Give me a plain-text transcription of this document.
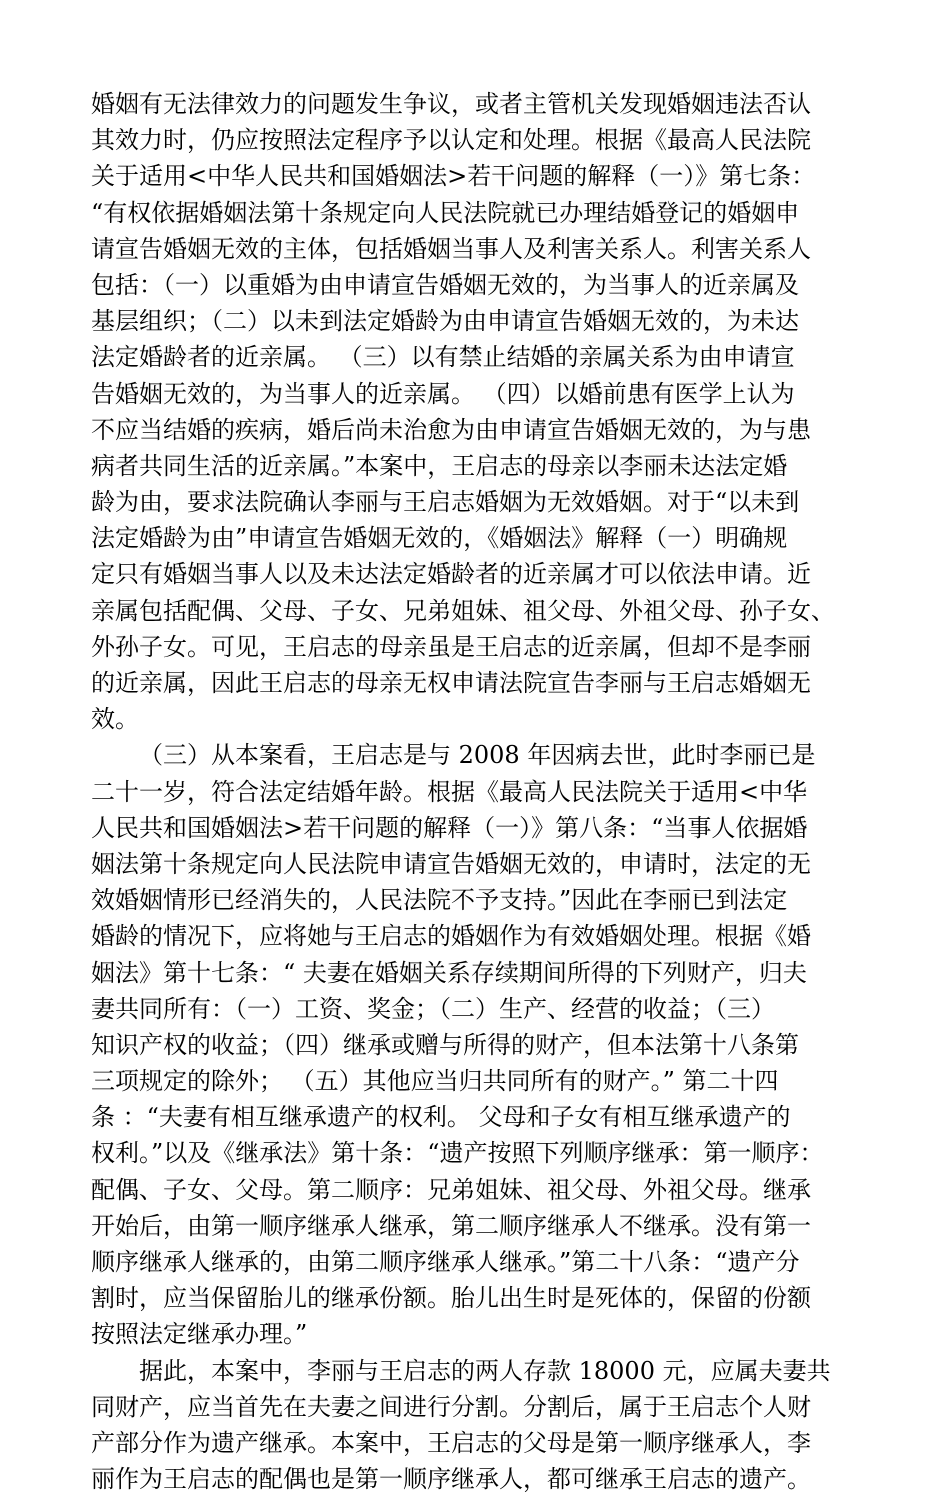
婚姻有无法律效力的问题发生争议，或者主管机关发现婚姻违法否认
其效力时，仍应按照法定程序予以认定和处理。根据《最高人民法院
关于适用<中华人民共和国婚姻法>若干问题的解释（一）》第七条：
“有权依据婚姻法第十条规定向人民法院就已办理结婚登记的婚姻申
请宣告婚姻无效的主体，包括婚姻当事人及利害关系人。利害关系人
包括：（一）以重婚为由申请宣告婚姻无效的，为当事人的近亲属及
基层组织；（二）以未到法定婚龄为由申请宣告婚姻无效的，为未达
法定婚龄者的近亲属。 （三）以有禁止结婚的亲属关系为由申请宣
告婚姻无效的，为当事人的近亲属。 （四）以婚前患有医学上认为
不应当结婚的疾病，婚后尚未治愈为由申请宣告婚姻无效的，为与患
病者共同生活的近亲属。”本案中，王启志的母亲以李丽未达法定婚
龄为由，要求法院确认李丽与王启志婚姻为无效婚姻。对于“以未到
法定婚龄为由”申请宣告婚姻无效的，《婚姻法》解释（一）明确规
定只有婚姻当事人以及未达法定婚龄者的近亲属才可以依法申请。近
亲属包括配偶、父母、子女、兄弟姐妹、祖父母、外祖父母、孙子女、
外孙子女。可见，王启志的母亲虽是王启志的近亲属，但却不是李丽
的近亲属，因此王启志的母亲无权申请法院宣告李丽与王启志婚姻无
效。
（三）从本案看，王启志是与 2008 年因病去世，此时李丽已是
二十一岁，符合法定结婚年龄。根据《最高人民法院关于适用<中华
人民共和国婚姻法>若干问题的解释（一）》第八条：“当事人依据婚
姻法第十条规定向人民法院申请宣告婚姻无效的，申请时，法定的无
效婚姻情形已经消失的，人民法院不予支持。”因此在李丽已到法定
婚龄的情况下，应将她与王启志的婚姻作为有效婚姻处理。根据《婚
姻法》第十七条：“ 夫妻在婚姻关系存续期间所得的下列财产，归夫
妻共同所有：（一）工资、奖金；（二）生产、经营的收益；（三）
知识产权的收益；（四）继承或赠与所得的财产，但本法第十八条第
三项规定的除外； （五）其他应当归共同所有的财产。” 第二十四
条 ：“夫妻有相互继承遗产的权利。 父母和子女有相互继承遗产的
权利。”以及《继承法》第十条：“遗产按照下列顺序继承：第一顺序：
配偶、子女、父母。第二顺序：兄弟姐妹、祖父母、外祖父母。继承
开始后，由第一顺序继承人继承，第二顺序继承人不继承。没有第一
顺序继承人继承的，由第二顺序继承人继承。”第二十八条：“遗产分
割时，应当保留胎儿的继承份额。胎儿出生时是死体的，保留的份额
按照法定继承办理。”
据此，本案中，李丽与王启志的两人存款 18000 元，应属夫妻共
同财产，应当首先在夫妻之间进行分割。分割后，属于王启志个人财
产部分作为遗产继承。本案中，王启志的父母是第一顺序继承人，李
丽作为王启志的配偶也是第一顺序继承人，都可继承王启志的遗产。
